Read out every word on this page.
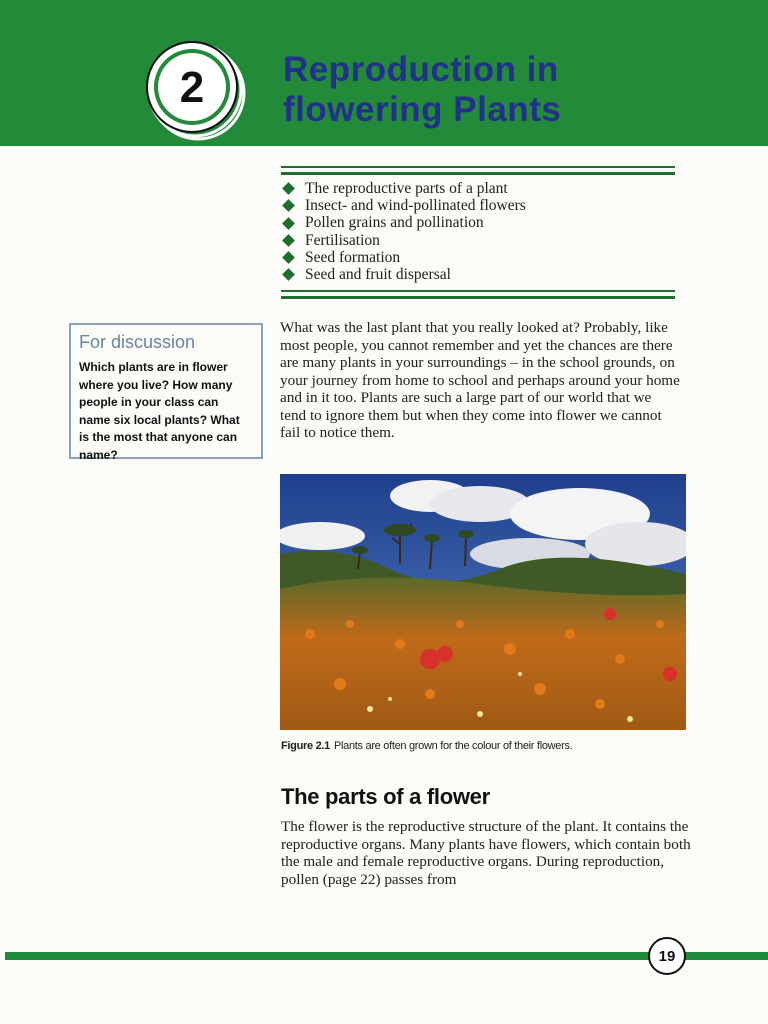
2 Reproduction in
flowering Plants
The reproductive parts of a plant
Insect- and wind-pollinated flowers
Pollen grains and pollination
Fertilisation
Seed formation
Seed and fruit dispersal
For discussion

Which plants are in flower where you live? How many people in your class can name six local plants? What is the most that anyone can name?

What was the last plant that you really looked at? Probably, like most people, you cannot remember and yet the chances are there are many plants in your surroundings – in the school grounds, on your journey from home to school and perhaps around your home and in it too. Plants are such a large part of our world that we tend to ignore them but when they come into flower we cannot fail to notice them.

Figure 2.1 Plants are often grown for the colour of their flowers.

The parts of a flower

The flower is the reproductive structure of the plant. It contains the reproductive organs. Many plants have flowers, which contain both the male and female reproductive organs. During reproduction, pollen (page 22) passes from

19
